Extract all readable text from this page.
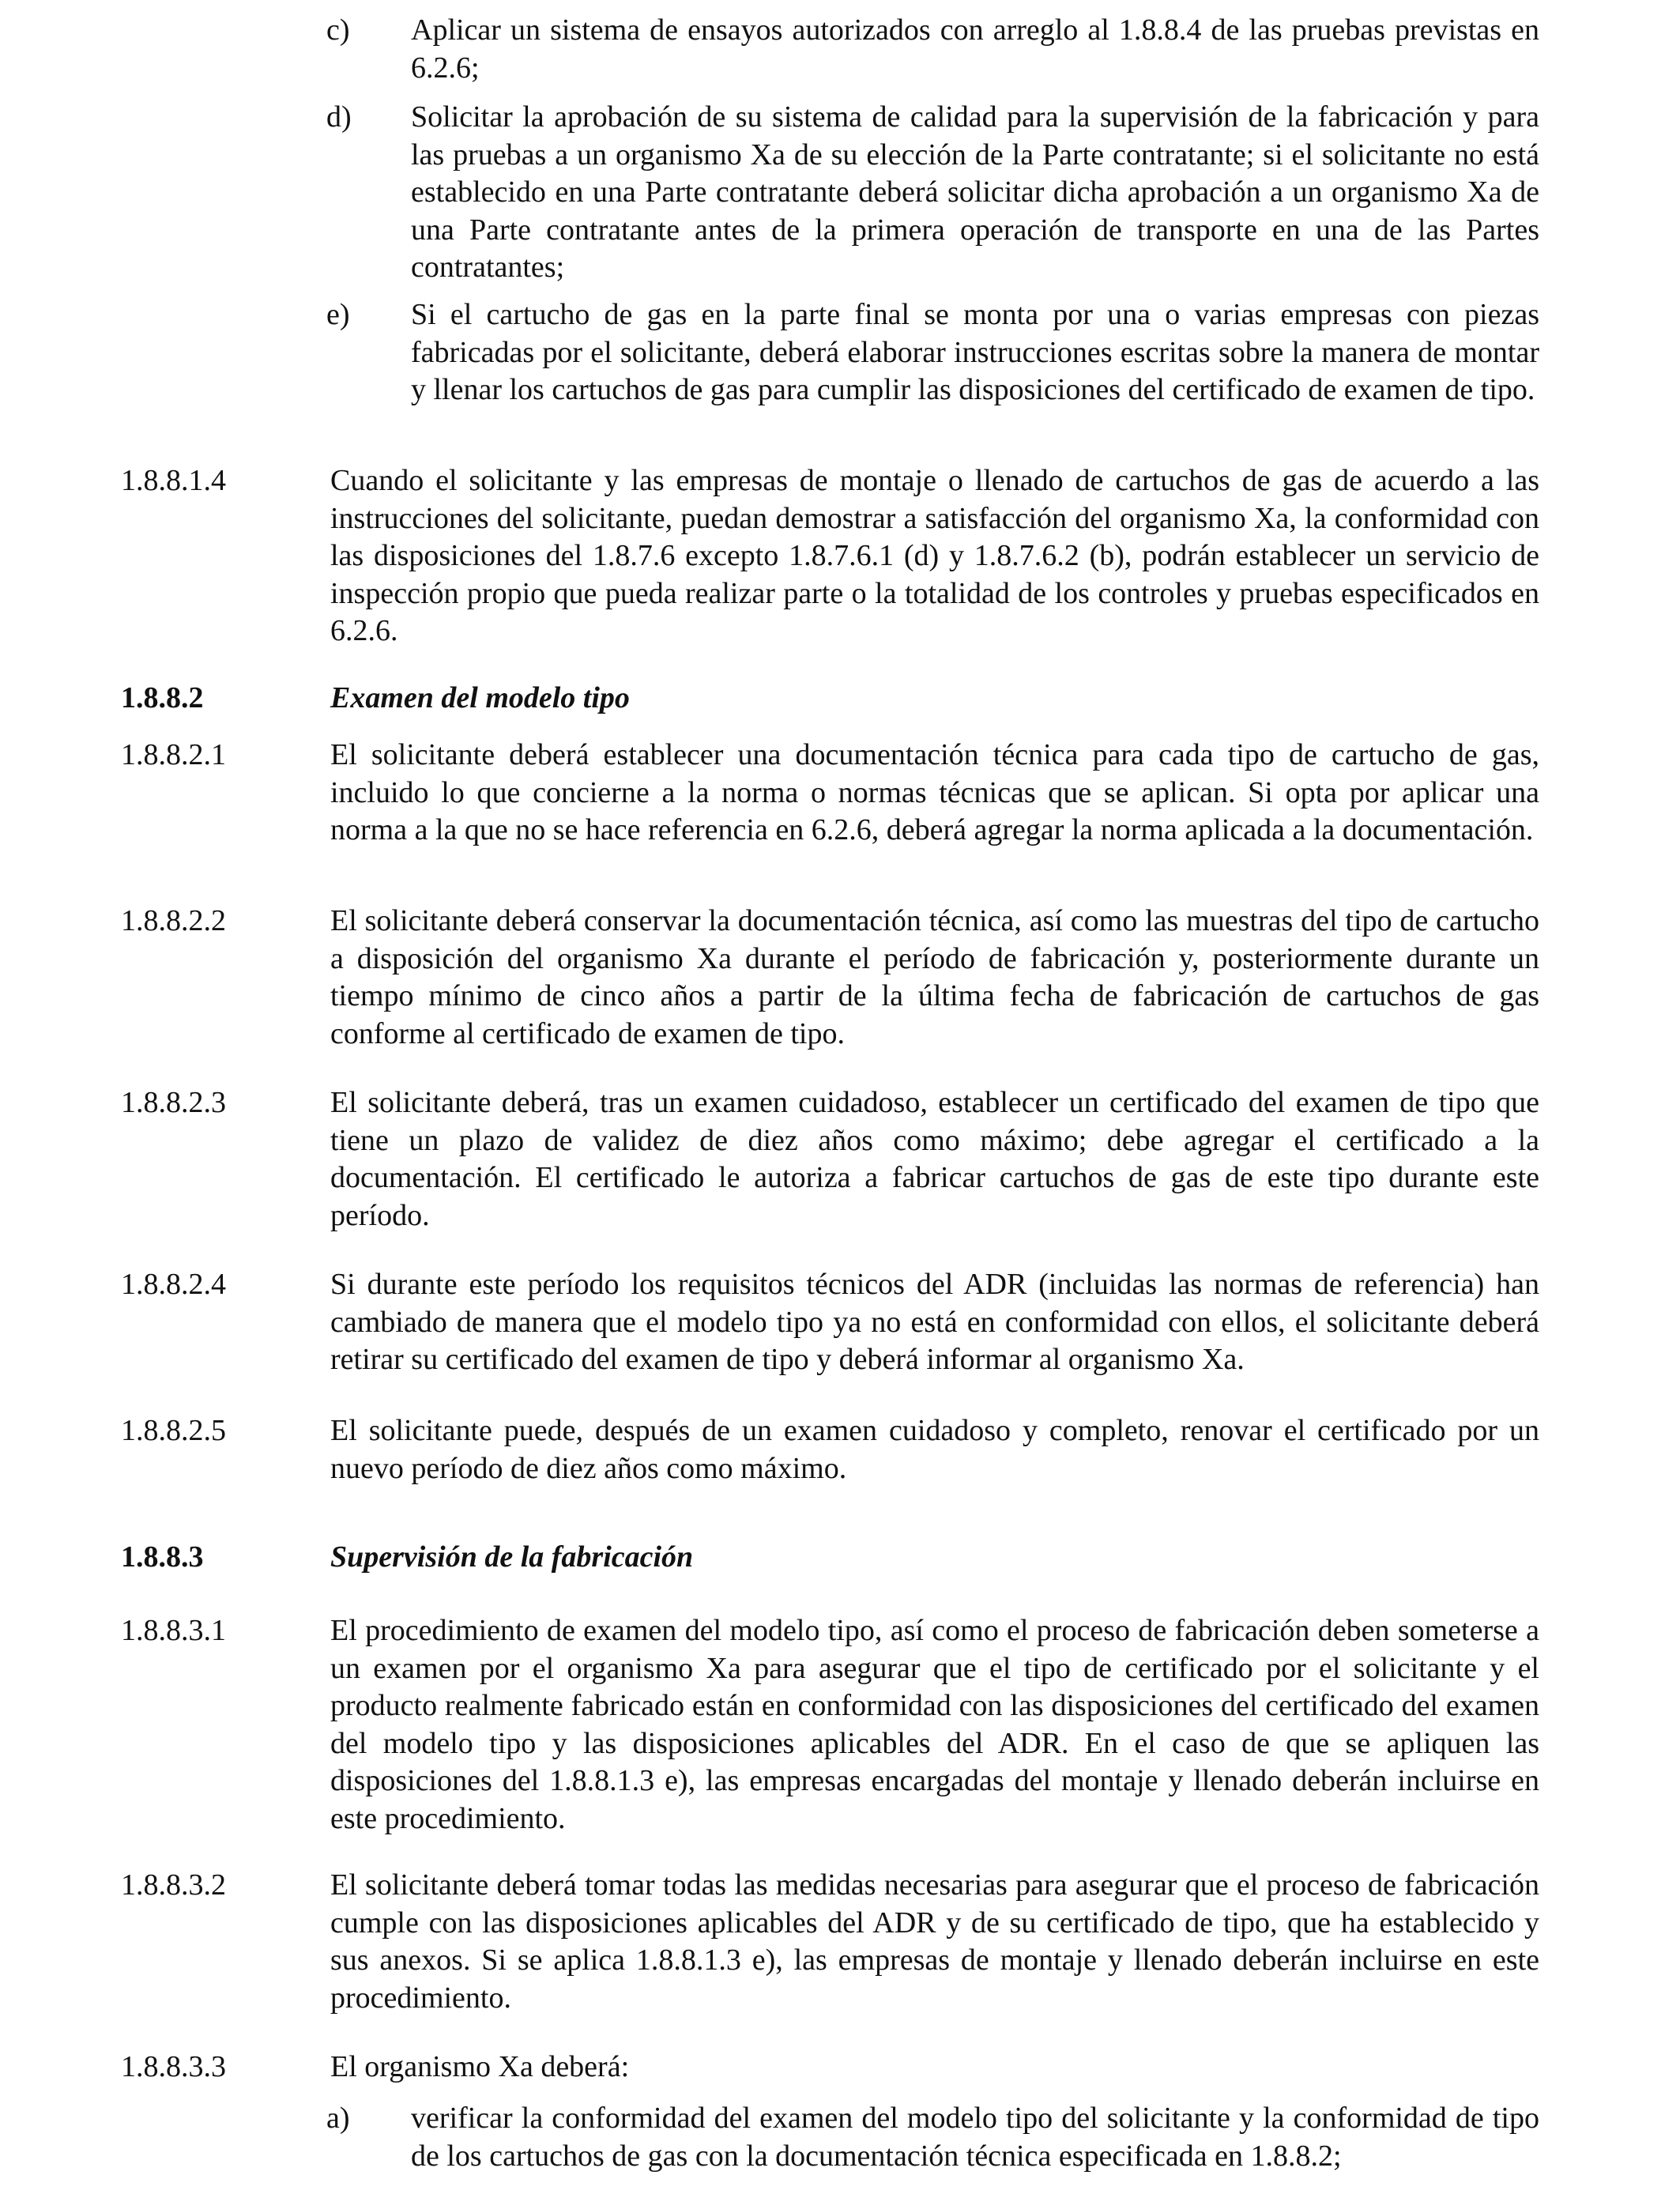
c) Aplicar un sistema de ensayos autorizados con arreglo al 1.8.8.4 de las pruebas previstas en 6.2.6;
d) Solicitar la aprobación de su sistema de calidad para la supervisión de la fabricación y para las pruebas a un organismo Xa de su elección de la Parte contratante; si el solicitante no está establecido en una Parte contratante deberá solicitar dicha aprobación a un organismo Xa de una Parte contratante antes de la primera operación de transporte en una de las Partes contratantes;
e) Si el cartucho de gas en la parte final se monta por una o varias empresas con piezas fabricadas por el solicitante, deberá elaborar instrucciones escritas sobre la manera de montar y llenar los cartuchos de gas para cumplir las disposiciones del certificado de examen de tipo.
1.8.8.1.4	Cuando el solicitante y las empresas de montaje o llenado de cartuchos de gas de acuerdo a las instrucciones del solicitante, puedan demostrar a satisfacción del organismo Xa, la conformidad con las disposiciones del 1.8.7.6 excepto 1.8.7.6.1 (d) y 1.8.7.6.2 (b), podrán establecer un servicio de inspección propio que pueda realizar parte o la totalidad de los controles y pruebas especificados en 6.2.6.
1.8.8.2	Examen del modelo tipo
1.8.8.2.1	El solicitante deberá establecer una documentación técnica para cada tipo de cartucho de gas, incluido lo que concierne a la norma o normas técnicas que se aplican. Si opta por aplicar una norma a la que no se hace referencia en 6.2.6, deberá agregar la norma aplicada a la documentación.
1.8.8.2.2	El solicitante deberá conservar la documentación técnica, así como las muestras del tipo de cartucho a disposición del organismo Xa durante el período de fabricación y, posteriormente durante un tiempo mínimo de cinco años a partir de la última fecha de fabricación de cartuchos de gas conforme al certificado de examen de tipo.
1.8.8.2.3	El solicitante deberá, tras un examen cuidadoso, establecer un certificado del examen de tipo que tiene un plazo de validez de diez años como máximo; debe agregar el certificado a la documentación. El certificado le autoriza a fabricar cartuchos de gas de este tipo durante este período.
1.8.8.2.4	Si durante este período los requisitos técnicos del ADR (incluidas las normas de referencia) han cambiado de manera que el modelo tipo ya no está en conformidad con ellos, el solicitante deberá retirar su certificado del examen de tipo y deberá informar al organismo Xa.
1.8.8.2.5	El solicitante puede, después de un examen cuidadoso y completo, renovar el certificado por un nuevo período de diez años como máximo.
1.8.8.3	Supervisión de la fabricación
1.8.8.3.1	El procedimiento de examen del modelo tipo, así como el proceso de fabricación deben someterse a un examen por el organismo Xa para asegurar que el tipo de certificado por el solicitante y el producto realmente fabricado están en conformidad con las disposiciones del certificado del examen del modelo tipo y las disposiciones aplicables del ADR. En el caso de que se apliquen las disposiciones del 1.8.8.1.3 e), las empresas encargadas del montaje y llenado deberán incluirse en este procedimiento.
1.8.8.3.2	El solicitante deberá tomar todas las medidas necesarias para asegurar que el proceso de fabricación cumple con las disposiciones aplicables del ADR y de su certificado de tipo, que ha establecido y sus anexos. Si se aplica 1.8.8.1.3 e), las empresas de montaje y llenado deberán incluirse en este procedimiento.
1.8.8.3.3	El organismo Xa deberá:
a) verificar la conformidad del examen del modelo tipo del solicitante y la conformidad de tipo de los cartuchos de gas con la documentación técnica especificada en 1.8.8.2;
